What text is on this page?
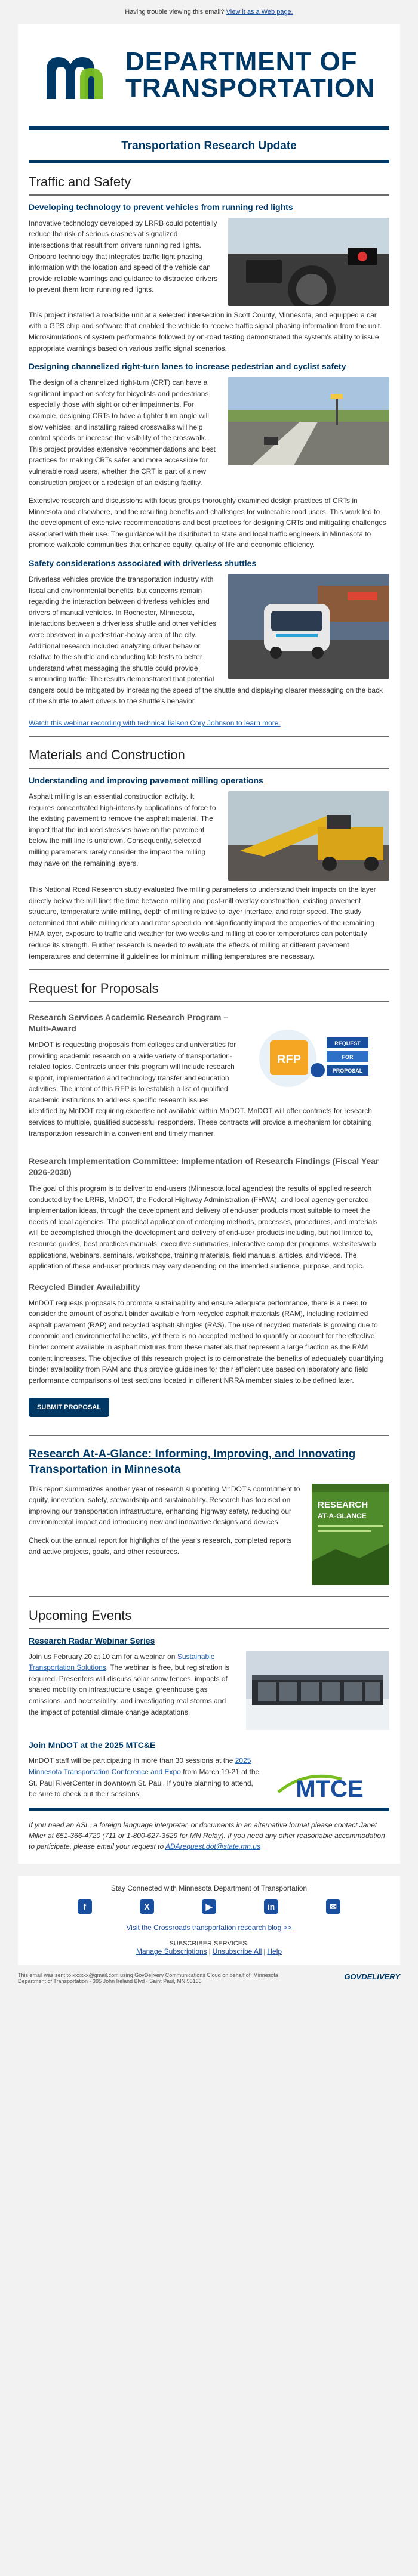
Having trouble viewing this email? View it as a Web page.
DEPARTMENT OF
TRANSPORTATION
Transportation Research Update
Traffic and Safety
Developing technology to prevent vehicles from running red lights

Innovative technology developed by LRRB could potentially reduce the risk of serious crashes at signalized intersections that result from drivers running red lights. Onboard technology that integrates traffic light phasing information with the location and speed of the vehicle can provide reliable warnings and guidance to distracted drivers to prevent them from running red lights.

This project installed a roadside unit at a selected intersection in Scott County, Minnesota, and equipped a car with a GPS chip and software that enabled the vehicle to receive traffic signal phasing information from the unit. Microsimulations of system performance followed by on-road testing demonstrated the system's ability to issue appropriate warnings based on various traffic signal scenarios.

Designing channelized right-turn lanes to increase pedestrian and cyclist safety

The design of a channelized right-turn (CRT) can have a significant impact on safety for bicyclists and pedestrians, especially those with sight or other impairments. For example, designing CRTs to have a tighter turn angle will slow vehicles, and installing raised crosswalks will help control speeds or increase the visibility of the crosswalk. This project provides extensive recommendations and best practices for making CRTs safer and more accessible for vulnerable road users, whether the CRT is part of a new construction project or a redesign of an existing facility.

Extensive research and discussions with focus groups thoroughly examined design practices of CRTs in Minnesota and elsewhere, and the resulting benefits and challenges for vulnerable road users. This work led to the development of extensive recommendations and best practices for designing CRTs and mitigating challenges associated with their use. The guidance will be distributed to state and local traffic engineers in Minnesota to promote walkable communities that enhance equity, quality of life and economic efficiency.

Safety considerations associated with driverless shuttles

Driverless vehicles provide the transportation industry with fiscal and environmental benefits, but concerns remain regarding the interaction between driverless vehicles and drivers of manual vehicles. In Rochester, Minnesota, interactions between a driverless shuttle and other vehicles were observed in a pedestrian-heavy area of the city. Additional research included analyzing driver behavior relative to the shuttle and conducting lab tests to better understand what messaging the shuttle could provide surrounding traffic. The results demonstrated that potential dangers could be mitigated by increasing the speed of the shuttle and displaying clearer messaging on the back of the shuttle to alert drivers to the shuttle's behavior.

Watch this webinar recording with technical liaison Cory Johnson to learn more.
Materials and Construction
Understanding and improving pavement milling operations

Asphalt milling is an essential construction activity. It requires concentrated high-intensity applications of force to the existing pavement to remove the asphalt material. The impact that the induced stresses have on the pavement below the mill line is unknown. Consequently, selected milling parameters rarely consider the impact the milling may have on the remaining layers.

This National Road Research study evaluated five milling parameters to understand their impacts on the layer directly below the mill line: the time between milling and post-mill overlay construction, existing pavement structure, temperature while milling, depth of milling relative to layer interface, and rotor speed. The study determined that while milling depth and rotor speed do not significantly impact the properties of the remaining HMA layer, exposure to traffic and weather for two weeks and milling at cooler temperatures can potentially reduce its strength. Further research is needed to evaluate the effects of milling at different pavement temperatures and determine if guidelines for minimum milling temperatures are necessary.

Request for Proposals
RFP
REQUEST
FOR
PROPOSAL
Research Services Academic Research Program – Multi-Award

MnDOT is requesting proposals from colleges and universities for providing academic research on a wide variety of transportation-related topics. Contracts under this program will include research support, implementation and technology transfer and education activities. The intent of this RFP is to establish a list of qualified academic institutions to address specific research issues identified by MnDOT requiring expertise not available within MnDOT. MnDOT will offer contracts for research services to multiple, qualified successful responders. These contracts will provide a mechanism for obtaining transportation research in a convenient and timely manner.

Research Implementation Committee: Implementation of Research Findings (Fiscal Year 2026-2030)

The goal of this program is to deliver to end-users (Minnesota local agencies) the results of applied research conducted by the LRRB, MnDOT, the Federal Highway Administration (FHWA), and local agency generated implementation ideas, through the development and delivery of end-user products most suitable to meet the needs of local agencies. The practical application of emerging methods, processes, procedures, and materials will be accomplished through the development and delivery of end-user products including, but not limited to, resource guides, best practices manuals, executive summaries, interactive computer programs, websites/web applications, webinars, seminars, workshops, training materials, field manuals, articles, and videos. The application of these end-user products may vary depending on the intended audience, purpose, and topic.

Recycled Binder Availability

MnDOT requests proposals to promote sustainability and ensure adequate performance, there is a need to consider the amount of asphalt binder available from recycled asphalt materials (RAM), including reclaimed asphalt pavement (RAP) and recycled asphalt shingles (RAS). The use of recycled materials is growing due to economic and environmental benefits, yet there is no accepted method to quantify or account for the effective binder content available in asphalt mixtures from these materials that represent a large fraction as the RAM content increases. The objective of this research project is to demonstrate the benefits of adequately quantifying binder availability from RAM and thus provide guidelines for their efficient use based on laboratory and field performance comparisons of test sections located in different NRRA member states to be defined later.

SUBMIT PROPOSAL
Research At-A-Glance: Informing, Improving, and Innovating Transportation in Minnesota
RESEARCH
AT-A-GLANCE

This report summarizes another year of research supporting MnDOT's commitment to equity, innovation, safety, stewardship and sustainability. Research has focused on improving our transportation infrastructure, enhancing highway safety, reducing our environmental impact and introducing new and innovative designs and devices.

Check out the annual report for highlights of the year's research, completed reports and active projects, goals, and other resources.

Upcoming Events
Research Radar Webinar Series

Join us February 20 at 10 am for a webinar on Sustainable Transportation Solutions. The webinar is free, but registration is required. Presenters will discuss solar snow fences, impacts of shared mobility on infrastructure usage, greenhouse gas emissions, and accessibility; and investigating real storms and the impact of potential climate change adaptations.

Join MnDOT at the 2025 MTC&E
MTCE

MnDOT staff will be participating in more than 30 sessions at the 2025 Minnesota Transportation Conference and Expo from March 19-21 at the St. Paul RiverCenter in downtown St. Paul. If you're planning to attend, be sure to check out their sessions!

If you need an ASL, a foreign language interpreter, or documents in an alternative format please contact Janet Miller at 651-366-4720 (711 or 1-800-627-3529 for MN Relay). If you need any other reasonable accommodation to participate, please email your request to ADArequest.dot@state.mn.us
Stay Connected with Minnesota Department of Transportation
f	X	▶	in	✉
Visit the Crossroads transportation research blog >>
SUBSCRIBER SERVICES:
Manage Subscriptions | Unsubscribe All | Help
This email was sent to xxxxxx@gmail.com using GovDelivery Communications Cloud on behalf of: Minnesota Department of Transportation · 395 John Ireland Blvd · Saint Paul, MN 55155	GOVDELIVERY
